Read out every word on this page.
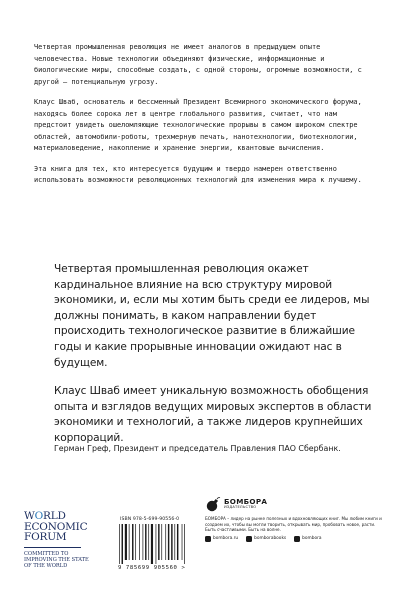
Четвертая промышленная революция не имеет аналогов в предыдущем опыте человечества. Новые технологии объединяют физические, информационные и биологические миры, способные создать, с одной стороны, огромные возможности, с другой — потенциальную угрозу.

Клаус Шваб, основатель и бессменный Президент Всемирного экономического форума, находясь более сорока лет в центре глобального развития, считает, что нам предстоит увидеть ошеломляющие технологические прорывы в самом широком спектре областей, автомобили-роботы, трехмерную печать, нанотехнологии, биотехнологии, материаловедение, накопление и хранение энергии, квантовые вычисления.

Эта книга для тех, кто интересуется будущим и твердо намерен ответственно использовать возможности революционных технологий для изменения мира к лучшему.

Четвертая промышленная революция окажет кардинальное влияние на всю структуру мировой экономики, и, если мы хотим быть среди ее лидеров, мы должны понимать, в каком направлении будет происходить технологическое развитие в ближайшие годы и какие прорывные инновации ожидают нас в будущем.

Клаус Шваб имеет уникальную возможность обобщения опыта и взглядов ведущих мировых экспертов в области экономики и технологий, а также лидеров крупнейших корпораций.

Герман Греф, Президент и председатель Правления ПАО Сбербанк.
WORLD
ECONOMIC
FORUM
COMMITTED TO
IMPROVING THE STATE
OF THE WORLD
ISBN 978-5-699-90556-0
9 785699 905560 >
БОМБОРА
ИЗДАТЕЛЬСТВО
БОМБОРА – лидер на рынке полезных и вдохновляющих книг. Мы любим книги и создаем их, чтобы вы могли творить, открывать мир, пробовать новое, расти. Быть счастливыми. Быть на волне.
bombora.ru	bomborabooks	bombora
